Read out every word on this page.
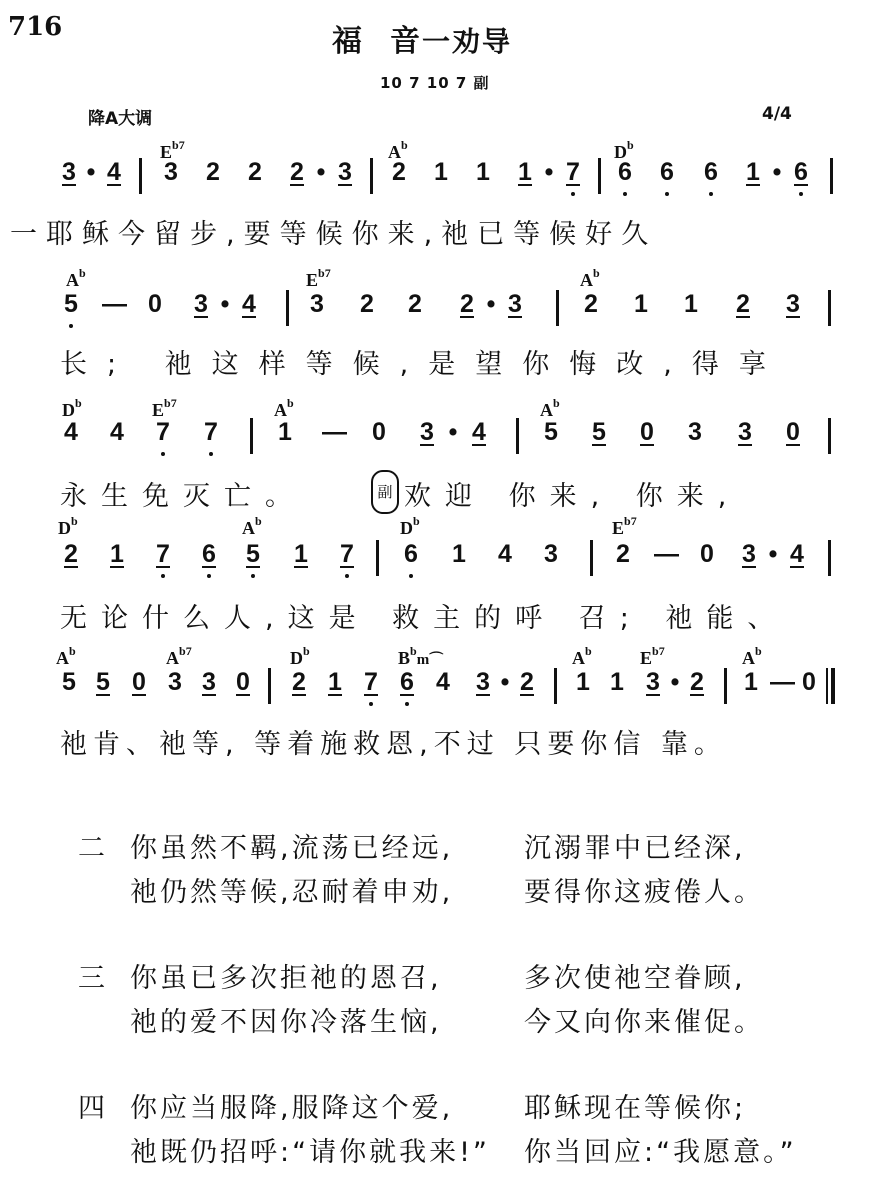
716	福 音一劝导
10 7 10 7 副
降A大调	4/4
$E^{b7}$	$A^b$	$D^b$
3 • 4 3 2 2 2 • 3 2 1 1 1 • 7 6 6 6 1 • 6
一耶稣今留步,要等候你来,祂已等候好久
$A^b$	$E^{b7}$	$A^b$
5 — 0 3 • 4 3 2 2 2 • 3 2 1 1 2 3
长; 祂这样等候,是望你悔改,得享
$D^b$	$E^{b7}$	$A^b$	$A^b$
4 4 7 7 1 — 0 3 • 4 5 5 0 3 3 0
永生免灭亡。	副 欢迎 你来, 你来,
$D^b$	$A^b$	$D^b$	$E^{b7}$
2 1 7 6 5 1 7 6 1 4 3 2 — 0 3 • 4
无论什么人,这是 救主的呼 召; 祂能、
$A^b$	$A^{b7}$	$D^b$	$B^bm⌒$	$A^b$	$E^{b7}$	$A^b$
5 5 0 3 3 0 2 1 7 6 4 3 • 2 1 1 3 • 2 1 — 0
祂肯、祂等, 等着施救恩,不过 只要你信 靠。
二 你虽然不羁,流荡已经远,	沉溺罪中已经深,
祂仍然等候,忍耐着申劝,	要得你这疲倦人。
三 你虽已多次拒祂的恩召,	多次使祂空眷顾,
祂的爱不因你冷落生恼,	今又向你来催促。
四 你应当服降,服降这个爱,	耶稣现在等候你;
祂既仍招呼:“请你就我来!” 你当回应:“我愿意。”
